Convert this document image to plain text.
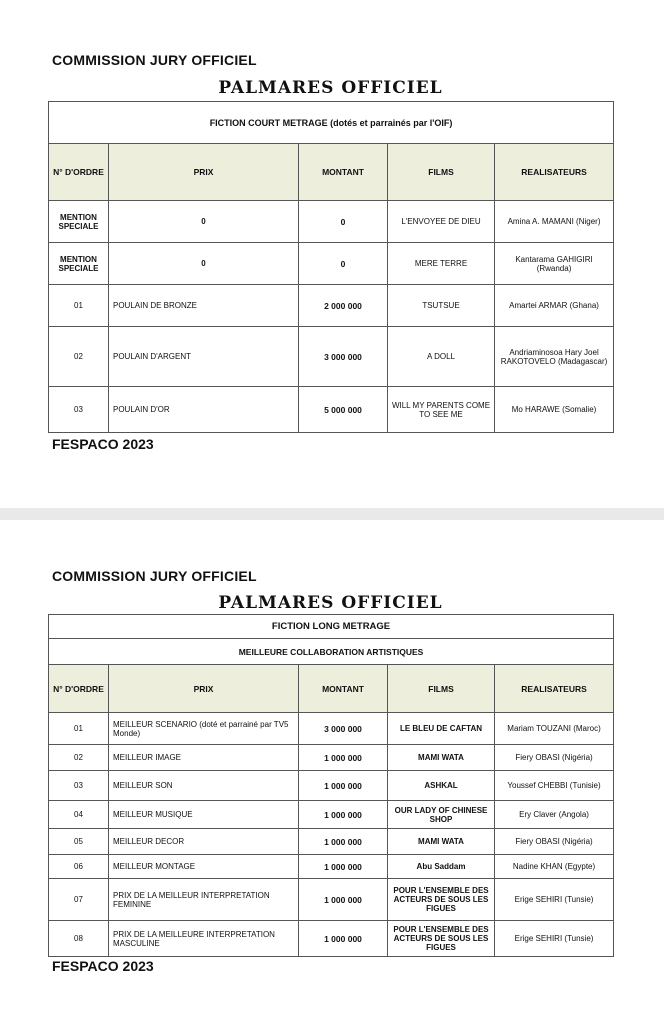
COMMISSION JURY OFFICIEL
PALMARES OFFICIEL
FICTION COURT METRAGE (dotés et parrainés par l'OIF)				
N° D'ORDRE	PRIX	MONTANT	FILMS	REALISATEURS
MENTION SPECIALE	0	0	L'ENVOYEE DE DIEU	Amina A. MAMANI (Niger)
MENTION SPECIALE	0	0	MERE TERRE	Kantarama GAHIGIRI (Rwanda)
01	POULAIN DE BRONZE	2 000 000	TSUTSUE	Amartei ARMAR (Ghana)
02	POULAIN D'ARGENT	3 000 000	A DOLL	Andriaminosoa Hary Joel RAKOTOVELO (Madagascar)
03	POULAIN D'OR	5 000 000	WILL MY PARENTS COME TO SEE ME	Mo HARAWE (Somalie)
FESPACO 2023
COMMISSION JURY OFFICIEL
PALMARES OFFICIEL
FICTION LONG METRAGE				
MEILLEURE COLLABORATION ARTISTIQUES				
N° D'ORDRE	PRIX	MONTANT	FILMS	REALISATEURS
01	MEILLEUR SCENARIO (doté et parrainé par TV5 Monde)	3 000 000	LE BLEU DE CAFTAN	Mariam TOUZANI (Maroc)
02	MEILLEUR IMAGE	1 000 000	MAMI WATA	Fiery OBASI (Nigéria)
03	MEILLEUR SON	1 000 000	ASHKAL	Youssef CHEBBI (Tunisie)
04	MEILLEUR MUSIQUE	1 000 000	OUR LADY OF CHINESE SHOP	Ery Claver (Angola)
05	MEILLEUR DECOR	1 000 000	MAMI WATA	Fiery OBASI (Nigéria)
06	MEILLEUR MONTAGE	1 000 000	Abu Saddam	Nadine KHAN (Egypte)
07	PRIX DE LA MEILLEUR INTERPRETATION FEMININE	1 000 000	POUR L'ENSEMBLE DES ACTEURS DE SOUS LES FIGUES	Erige SEHIRI (Tunsie)
08	PRIX DE LA MEILLEURE INTERPRETATION MASCULINE	1 000 000	POUR L'ENSEMBLE DES ACTEURS DE SOUS LES FIGUES	Erige SEHIRI (Tunsie)
FESPACO 2023
